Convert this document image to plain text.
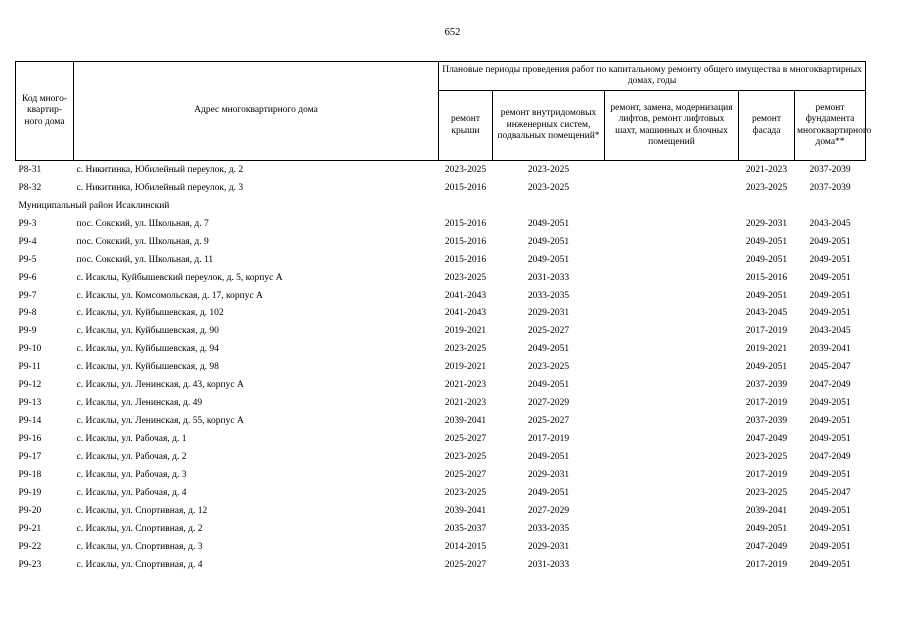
652
Код много-квартир-ного дома	Адрес многоквартирного дома	Плановые периоды проведения работ по капитальному ремонту общего имущества в многоквартирных домах, годы				
		ремонт крыши	ремонт внутридомовых инженерных систем, подвальных помещений*	ремонт, замена, модернизация лифтов, ремонт лифтовых шахт, машинных и блочных помещений	ремонт фасада	ремонт фундамента многоквартирного дома**
Р8-31	с. Никитинка, Юбилейный переулок, д. 2	2023-2025	2023-2025		2021-2023	2037-2039
Р8-32	с. Никитинка, Юбилейный переулок, д. 3	2015-2016	2023-2025		2023-2025	2037-2039
Муниципальный район Исаклинский						
Р9-3	пос. Сокский, ул. Школьная, д. 7	2015-2016	2049-2051		2029-2031	2043-2045
Р9-4	пос. Сокский, ул. Школьная, д. 9	2015-2016	2049-2051		2049-2051	2049-2051
Р9-5	пос. Сокский, ул. Школьная, д. 11	2015-2016	2049-2051		2049-2051	2049-2051
Р9-6	с. Исаклы, Куйбышевский переулок, д. 5, корпус А	2023-2025	2031-2033		2015-2016	2049-2051
Р9-7	с. Исаклы, ул. Комсомольская, д. 17, корпус А	2041-2043	2033-2035		2049-2051	2049-2051
Р9-8	с. Исаклы, ул. Куйбышевская, д. 102	2041-2043	2029-2031		2043-2045	2049-2051
Р9-9	с. Исаклы, ул. Куйбышевская, д. 90	2019-2021	2025-2027		2017-2019	2043-2045
Р9-10	с. Исаклы, ул. Куйбышевская, д. 94	2023-2025	2049-2051		2019-2021	2039-2041
Р9-11	с. Исаклы, ул. Куйбышевская, д. 98	2019-2021	2023-2025		2049-2051	2045-2047
Р9-12	с. Исаклы, ул. Ленинская, д. 43, корпус А	2021-2023	2049-2051		2037-2039	2047-2049
Р9-13	с. Исаклы, ул. Ленинская, д. 49	2021-2023	2027-2029		2017-2019	2049-2051
Р9-14	с. Исаклы, ул. Ленинская, д. 55, корпус А	2039-2041	2025-2027		2037-2039	2049-2051
Р9-16	с. Исаклы, ул. Рабочая, д. 1	2025-2027	2017-2019		2047-2049	2049-2051
Р9-17	с. Исаклы, ул. Рабочая, д. 2	2023-2025	2049-2051		2023-2025	2047-2049
Р9-18	с. Исаклы, ул. Рабочая, д. 3	2025-2027	2029-2031		2017-2019	2049-2051
Р9-19	с. Исаклы, ул. Рабочая, д. 4	2023-2025	2049-2051		2023-2025	2045-2047
Р9-20	с. Исаклы, ул. Спортивная, д. 12	2039-2041	2027-2029		2039-2041	2049-2051
Р9-21	с. Исаклы, ул. Спортивная, д. 2	2035-2037	2033-2035		2049-2051	2049-2051
Р9-22	с. Исаклы, ул. Спортивная, д. 3	2014-2015	2029-2031		2047-2049	2049-2051
Р9-23	с. Исаклы, ул. Спортивная, д. 4	2025-2027	2031-2033		2017-2019	2049-2051
